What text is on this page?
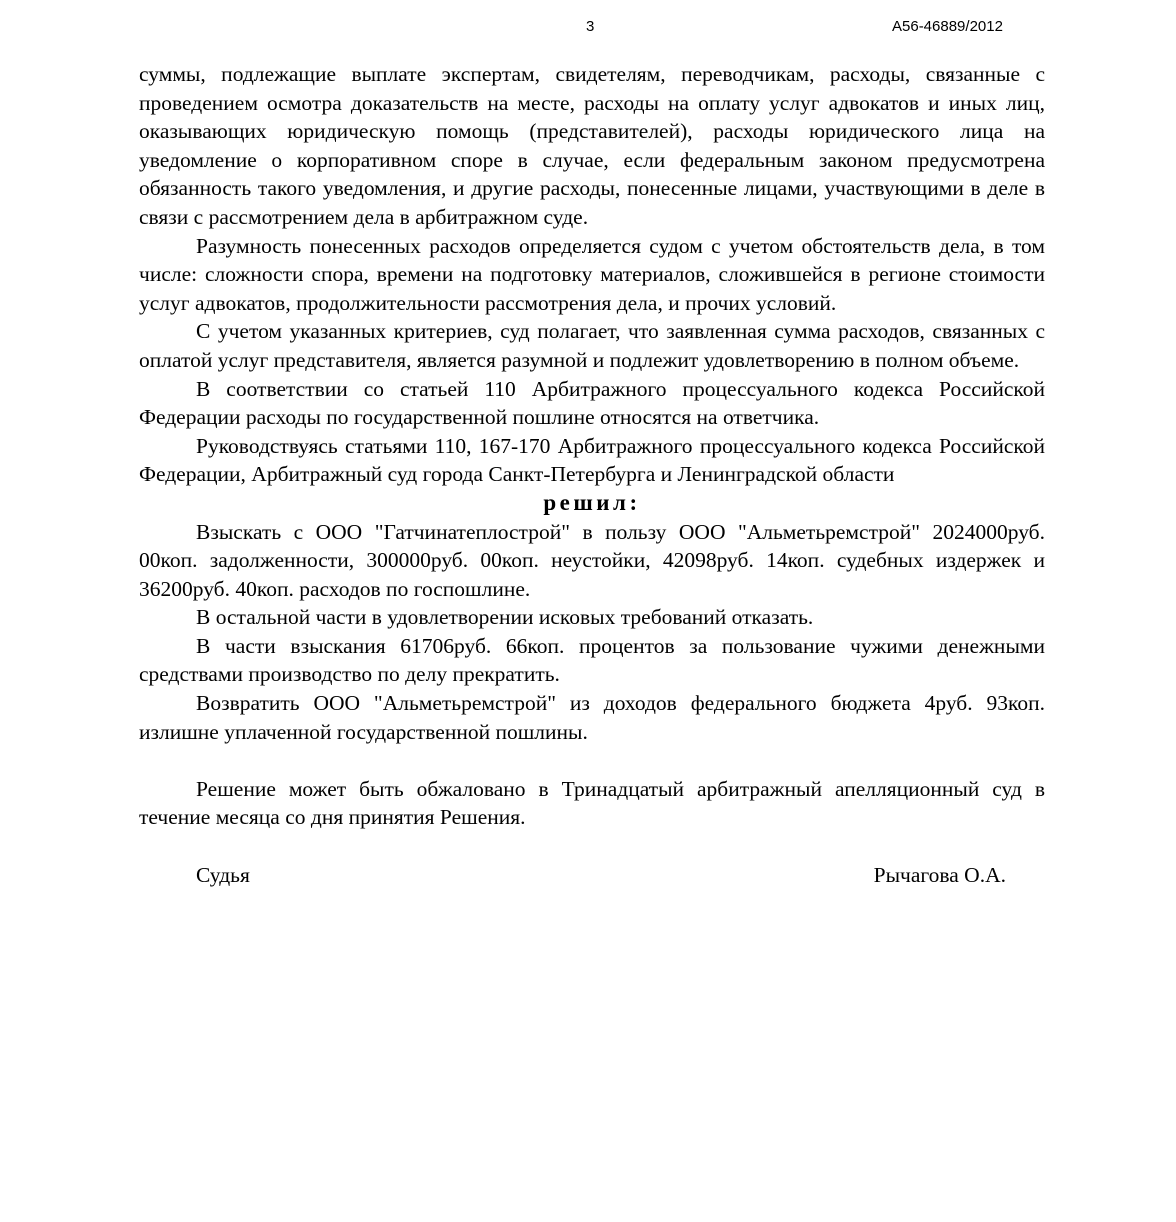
3	А56-46889/2012

суммы, подлежащие выплате экспертам, свидетелям, переводчикам, расходы, связанные с проведением осмотра доказательств на месте, расходы на оплату услуг адвокатов и иных лиц, оказывающих юридическую помощь (представителей), расходы юридического лица на уведомление о корпоративном споре в случае, если федеральным законом предусмотрена обязанность такого уведомления, и другие расходы, понесенные лицами, участвующими в деле в связи с рассмотрением дела в арбитражном суде.

Разумность понесенных расходов определяется судом с учетом обстоятельств дела, в том числе: сложности спора, времени на подготовку материалов, сложившейся в регионе стоимости услуг адвокатов, продолжительности рассмотрения дела, и прочих условий.

С учетом указанных критериев, суд полагает, что заявленная сумма расходов, связанных с оплатой услуг представителя, является разумной и подлежит удовлетворению в полном объеме.

В соответствии со статьей 110 Арбитражного процессуального кодекса Российской Федерации расходы по государственной пошлине относятся на ответчика.

Руководствуясь статьями 110, 167-170 Арбитражного процессуального кодекса Российской Федерации, Арбитражный суд города Санкт-Петербурга и Ленинградской области

решил:

Взыскать с ООО "Гатчинатеплострой" в пользу ООО "Альметьремстрой" 2024000руб. 00коп. задолженности, 300000руб. 00коп. неустойки, 42098руб. 14коп. судебных издержек и 36200руб. 40коп. расходов по госпошлине.

В остальной части в удовлетворении исковых требований отказать.

В части взыскания 61706руб. 66коп. процентов за пользование чужими денежными средствами производство по делу прекратить.

Возвратить ООО "Альметьремстрой" из доходов федерального бюджета 4руб. 93коп. излишне уплаченной государственной пошлины.

Решение может быть обжаловано в Тринадцатый арбитражный апелляционный суд в течение месяца со дня принятия Решения.

Судья	Рычагова О.А.
